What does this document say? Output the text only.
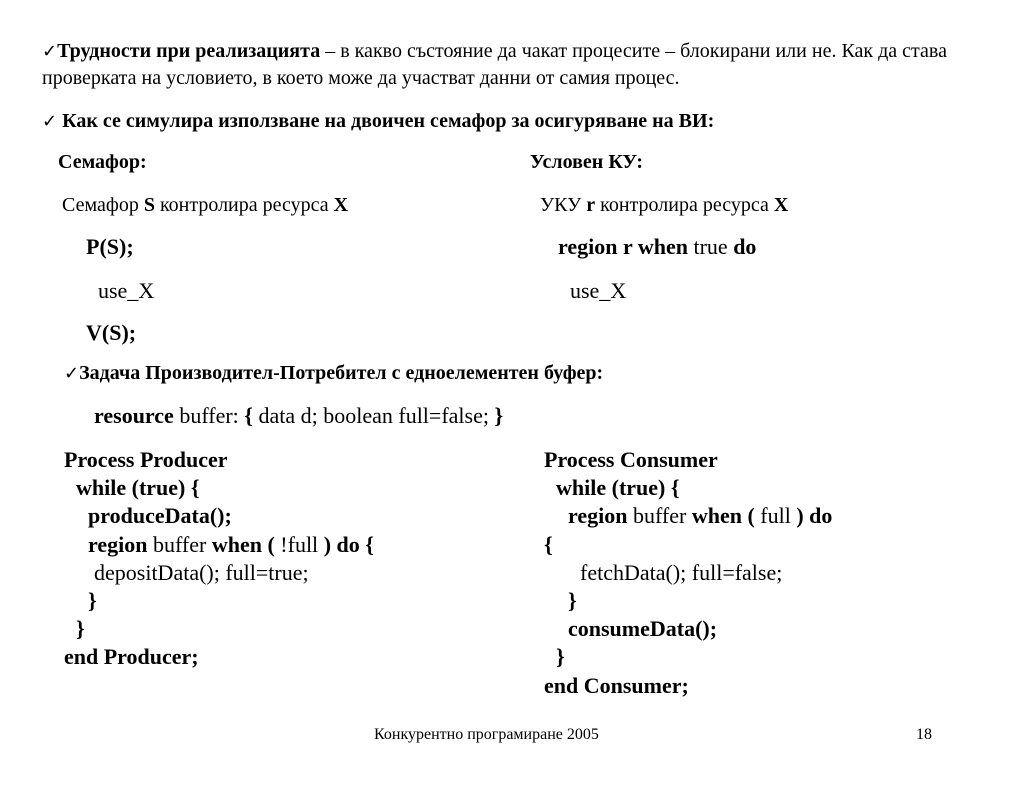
✓Трудности при реализацията – в какво състояние да чакат процесите – блокирани или не. Как да става проверката на условието, в което може да участват данни от самия процес.
✓ Как се симулира използване на двоичен семафор за осигуряване на ВИ:
Семафор:
Семафор S контролира ресурса X
P(S);
use_X
V(S);
Условен КУ:
УКУ r контролира ресурса X
region r when true do
use_X
✓Задача Производител-Потребител с едноелементен буфер:
resource buffer: { data d; boolean full=false; }
Process Producer
while (true) {
produceData();
region buffer when ( !full ) do {
depositData(); full=true;
}
}
end Producer;
Process Consumer
while (true) {
region buffer when ( full ) do
{
fetchData(); full=false;
}
consumeData();
}
end Consumer;
Конкурентно програмиране 2005	18
